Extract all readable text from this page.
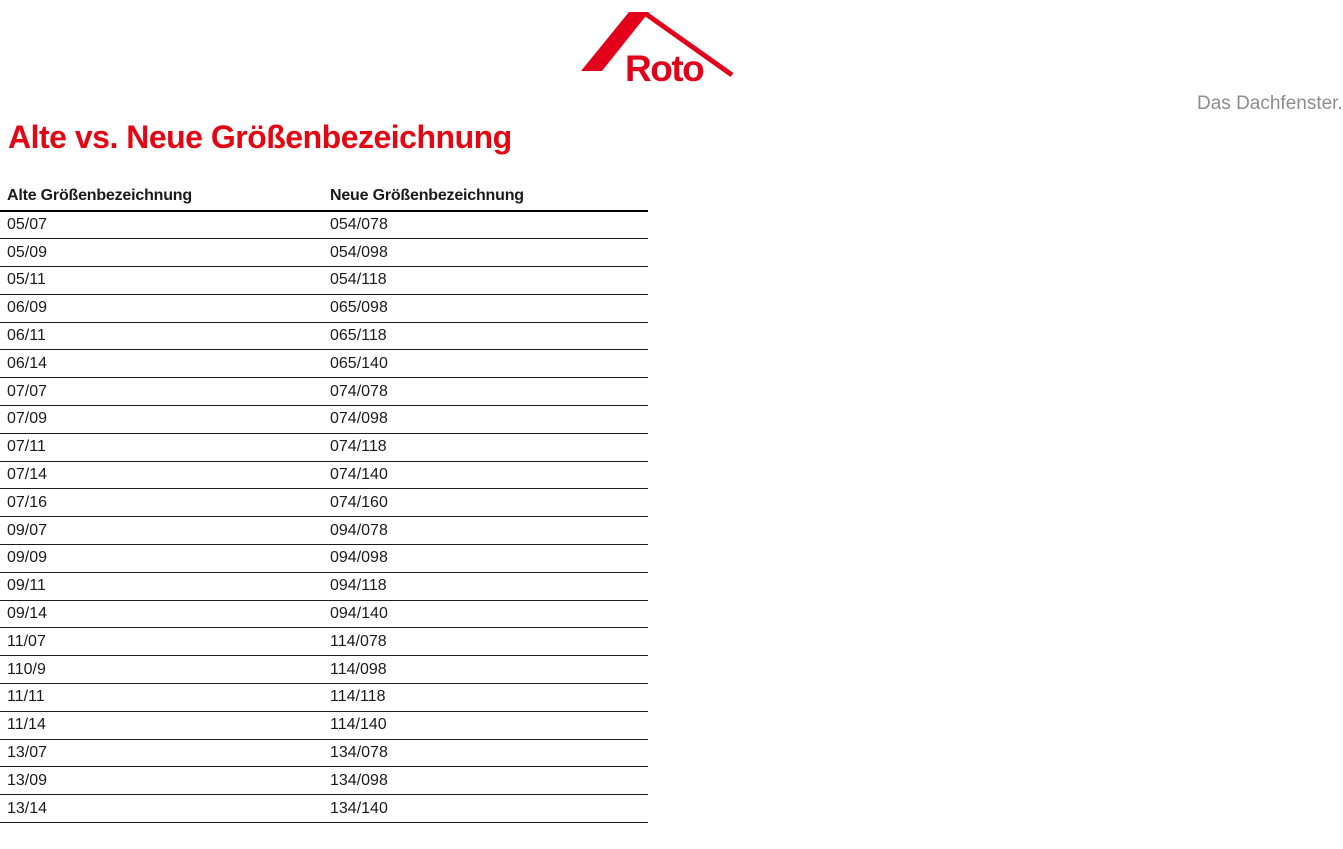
Roto
Das Dachfenster.
Alte vs. Neue Größenbezeichnung
Alte Größenbezeichnung	Neue Größenbezeichnung
05/07	054/078
05/09	054/098
05/11	054/118
06/09	065/098
06/11	065/118
06/14	065/140
07/07	074/078
07/09	074/098
07/11	074/118
07/14	074/140
07/16	074/160
09/07	094/078
09/09	094/098
09/11	094/118
09/14	094/140
11/07	114/078
110/9	114/098
11/11	114/118
11/14	114/140
13/07	134/078
13/09	134/098
13/14	134/140
